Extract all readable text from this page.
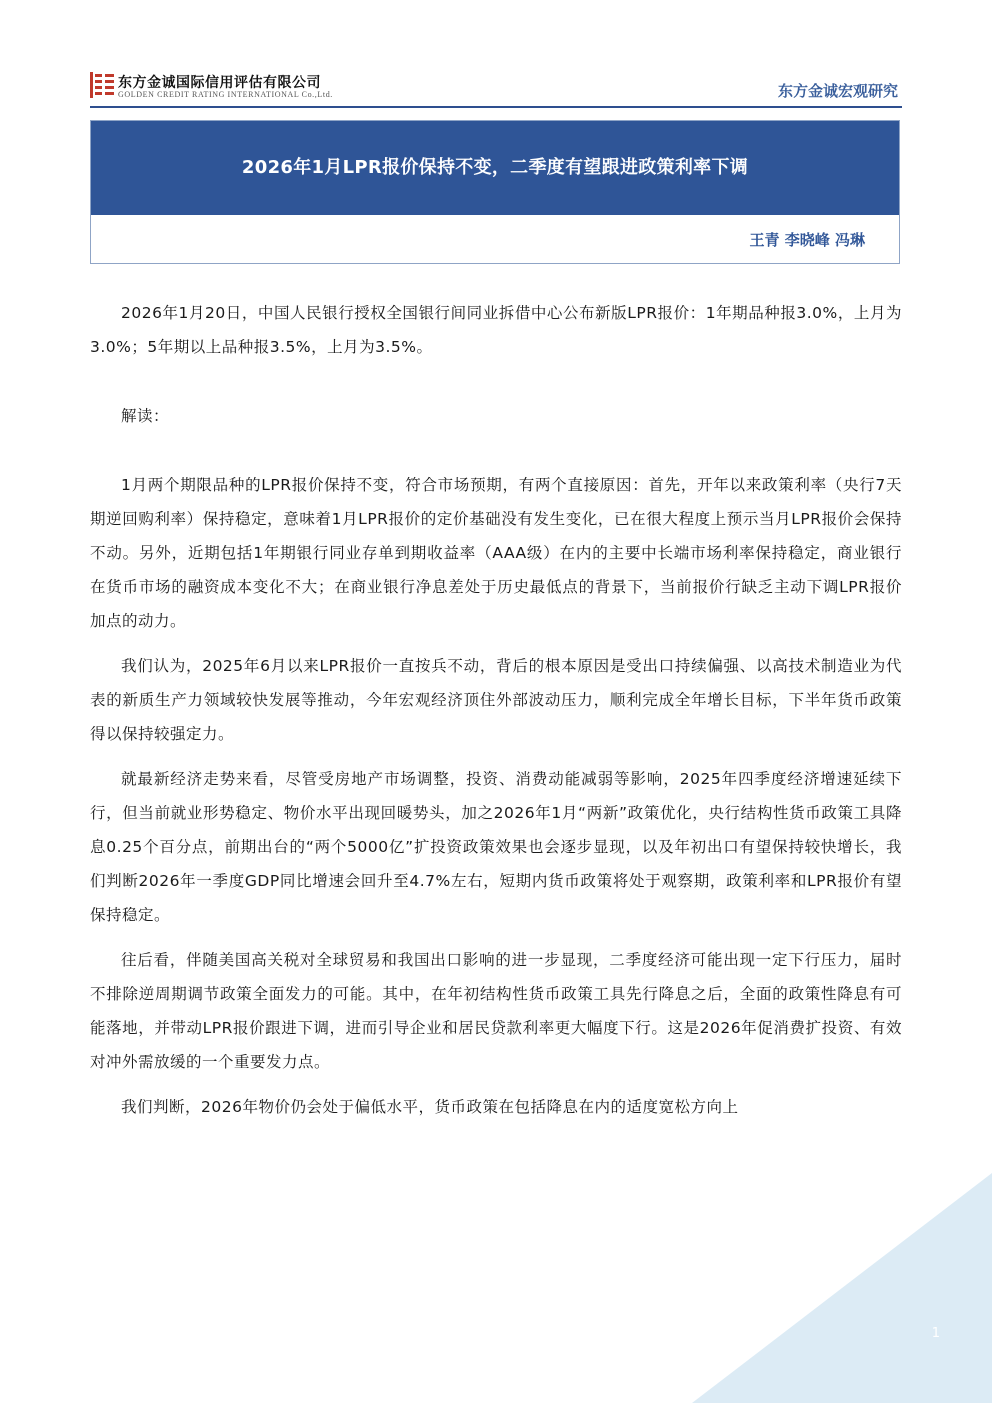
东方金诚国际信用评估有限公司
GOLDEN CREDIT RATING INTERNATIONAL Co.,Ltd.	东方金诚宏观研究
2026年1月LPR报价保持不变，二季度有望跟进政策利率下调
王青 李晓峰 冯琳

2026年1月20日，中国人民银行授权全国银行间同业拆借中心公布新版LPR报价：1年期品种报3.0%，上月为3.0%；5年期以上品种报3.5%，上月为3.5%。

解读：

1月两个期限品种的LPR报价保持不变，符合市场预期，有两个直接原因：首先，开年以来政策利率（央行7天期逆回购利率）保持稳定，意味着1月LPR报价的定价基础没有发生变化，已在很大程度上预示当月LPR报价会保持不动。另外，近期包括1年期银行同业存单到期收益率（AAA级）在内的主要中长端市场利率保持稳定，商业银行在货币市场的融资成本变化不大；在商业银行净息差处于历史最低点的背景下，当前报价行缺乏主动下调LPR报价加点的动力。

我们认为，2025年6月以来LPR报价一直按兵不动，背后的根本原因是受出口持续偏强、以高技术制造业为代表的新质生产力领域较快发展等推动，今年宏观经济顶住外部波动压力，顺利完成全年增长目标，下半年货币政策得以保持较强定力。

就最新经济走势来看，尽管受房地产市场调整，投资、消费动能减弱等影响，2025年四季度经济增速延续下行，但当前就业形势稳定、物价水平出现回暖势头，加之2026年1月“两新”政策优化，央行结构性货币政策工具降息0.25个百分点，前期出台的“两个5000亿”扩投资政策效果也会逐步显现，以及年初出口有望保持较快增长，我们判断2026年一季度GDP同比增速会回升至4.7%左右，短期内货币政策将处于观察期，政策利率和LPR报价有望保持稳定。

往后看，伴随美国高关税对全球贸易和我国出口影响的进一步显现，二季度经济可能出现一定下行压力，届时不排除逆周期调节政策全面发力的可能。其中，在年初结构性货币政策工具先行降息之后，全面的政策性降息有可能落地，并带动LPR报价跟进下调，进而引导企业和居民贷款利率更大幅度下行。这是2026年促消费扩投资、有效对冲外需放缓的一个重要发力点。

我们判断，2026年物价仍会处于偏低水平，货币政策在包括降息在内的适度宽松方向上

1
